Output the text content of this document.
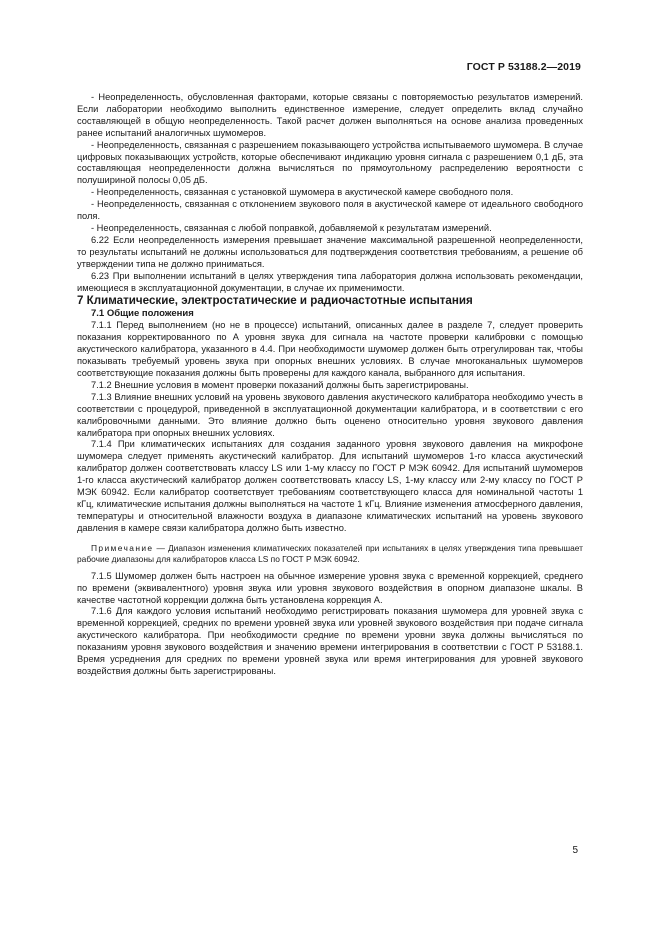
ГОСТ Р 53188.2—2019

- Неопределенность, обусловленная факторами, которые связаны с повторяемостью результатов измерений. Если лаборатории необходимо выполнить единственное измерение, следует определить вклад случайно составляющей в общую неопределенность. Такой расчет должен выполняться на основе анализа проведенных ранее испытаний аналогичных шумомеров.

- Неопределенность, связанная с разрешением показывающего устройства испытываемого шумомера. В случае цифровых показывающих устройств, которые обеспечивают индикацию уровня сигнала с разрешением 0,1 дБ, эта составляющая неопределенности должна вычисляться по прямоугольному распределению вероятности с полушириной полосы 0,05 дБ.

- Неопределенность, связанная с установкой шумомера в акустической камере свободного поля.

- Неопределенность, связанная с отклонением звукового поля в акустической камере от идеального свободного поля.

- Неопределенность, связанная с любой поправкой, добавляемой к результатам измерений.

6.22 Если неопределенность измерения превышает значение максимальной разрешенной неопределенности, то результаты испытаний не должны использоваться для подтверждения соответствия требованиям, а решение об утверждении типа не должно приниматься.

6.23 При выполнении испытаний в целях утверждения типа лаборатория должна использовать рекомендации, имеющиеся в эксплуатационной документации, в случае их применимости.

7 Климатические, электростатические и радиочастотные испытания

7.1 Общие положения

7.1.1 Перед выполнением (но не в процессе) испытаний, описанных далее в разделе 7, следует проверить показания корректированного по А уровня звука для сигнала на частоте проверки калибровки с помощью акустического калибратора, указанного в 4.4. При необходимости шумомер должен быть отрегулирован так, чтобы показывать требуемый уровень звука при опорных внешних условиях. В случае многоканальных шумомеров соответствующие показания должны быть проверены для каждого канала, выбранного для испытания.

7.1.2 Внешние условия в момент проверки показаний должны быть зарегистрированы.

7.1.3 Влияние внешних условий на уровень звукового давления акустического калибратора необходимо учесть в соответствии с процедурой, приведенной в эксплуатационной документации калибратора, и в соответствии с его калибровочными данными. Это влияние должно быть оценено относительно уровня звукового давления калибратора при опорных внешних условиях.

7.1.4 При климатических испытаниях для создания заданного уровня звукового давления на микрофоне шумомера следует применять акустический калибратор. Для испытаний шумомеров 1-го класса акустический калибратор должен соответствовать классу LS или 1-му классу по ГОСТ Р МЭК 60942. Для испытаний шумомеров 1-го класса акустический калибратор должен соответствовать классу LS, 1-му классу или 2-му классу по ГОСТ Р МЭК 60942. Если калибратор соответствует требованиям соответствующего класса для номинальной частоты 1 кГц, климатические испытания должны выполняться на частоте 1 кГц. Влияние изменения атмосферного давления, температуры и относительной влажности воздуха в диапазоне климатических испытаний на уровень звукового давления в камере связи калибратора должно быть известно.

Примечание — Диапазон изменения климатических показателей при испытаниях в целях утверждения типа превышает рабочие диапазоны для калибраторов класса LS по ГОСТ Р МЭК 60942.

7.1.5 Шумомер должен быть настроен на обычное измерение уровня звука с временной коррекцией, среднего по времени (эквивалентного) уровня звука или уровня звукового воздействия в опорном диапазоне шкалы. В качестве частотной коррекции должна быть установлена коррекция А.

7.1.6 Для каждого условия испытаний необходимо регистрировать показания шумомера для уровней звука с временной коррекцией, средних по времени уровней звука или уровней звукового воздействия при подаче сигнала акустического калибратора. При необходимости средние по времени уровни звука должны вычисляться по показаниям уровня звукового воздействия и значению времени интегрирования в соответствии с ГОСТ Р 53188.1. Время усреднения для средних по времени уровней звука или время интегрирования для уровней звукового воздействия должны быть зарегистрированы.

5
